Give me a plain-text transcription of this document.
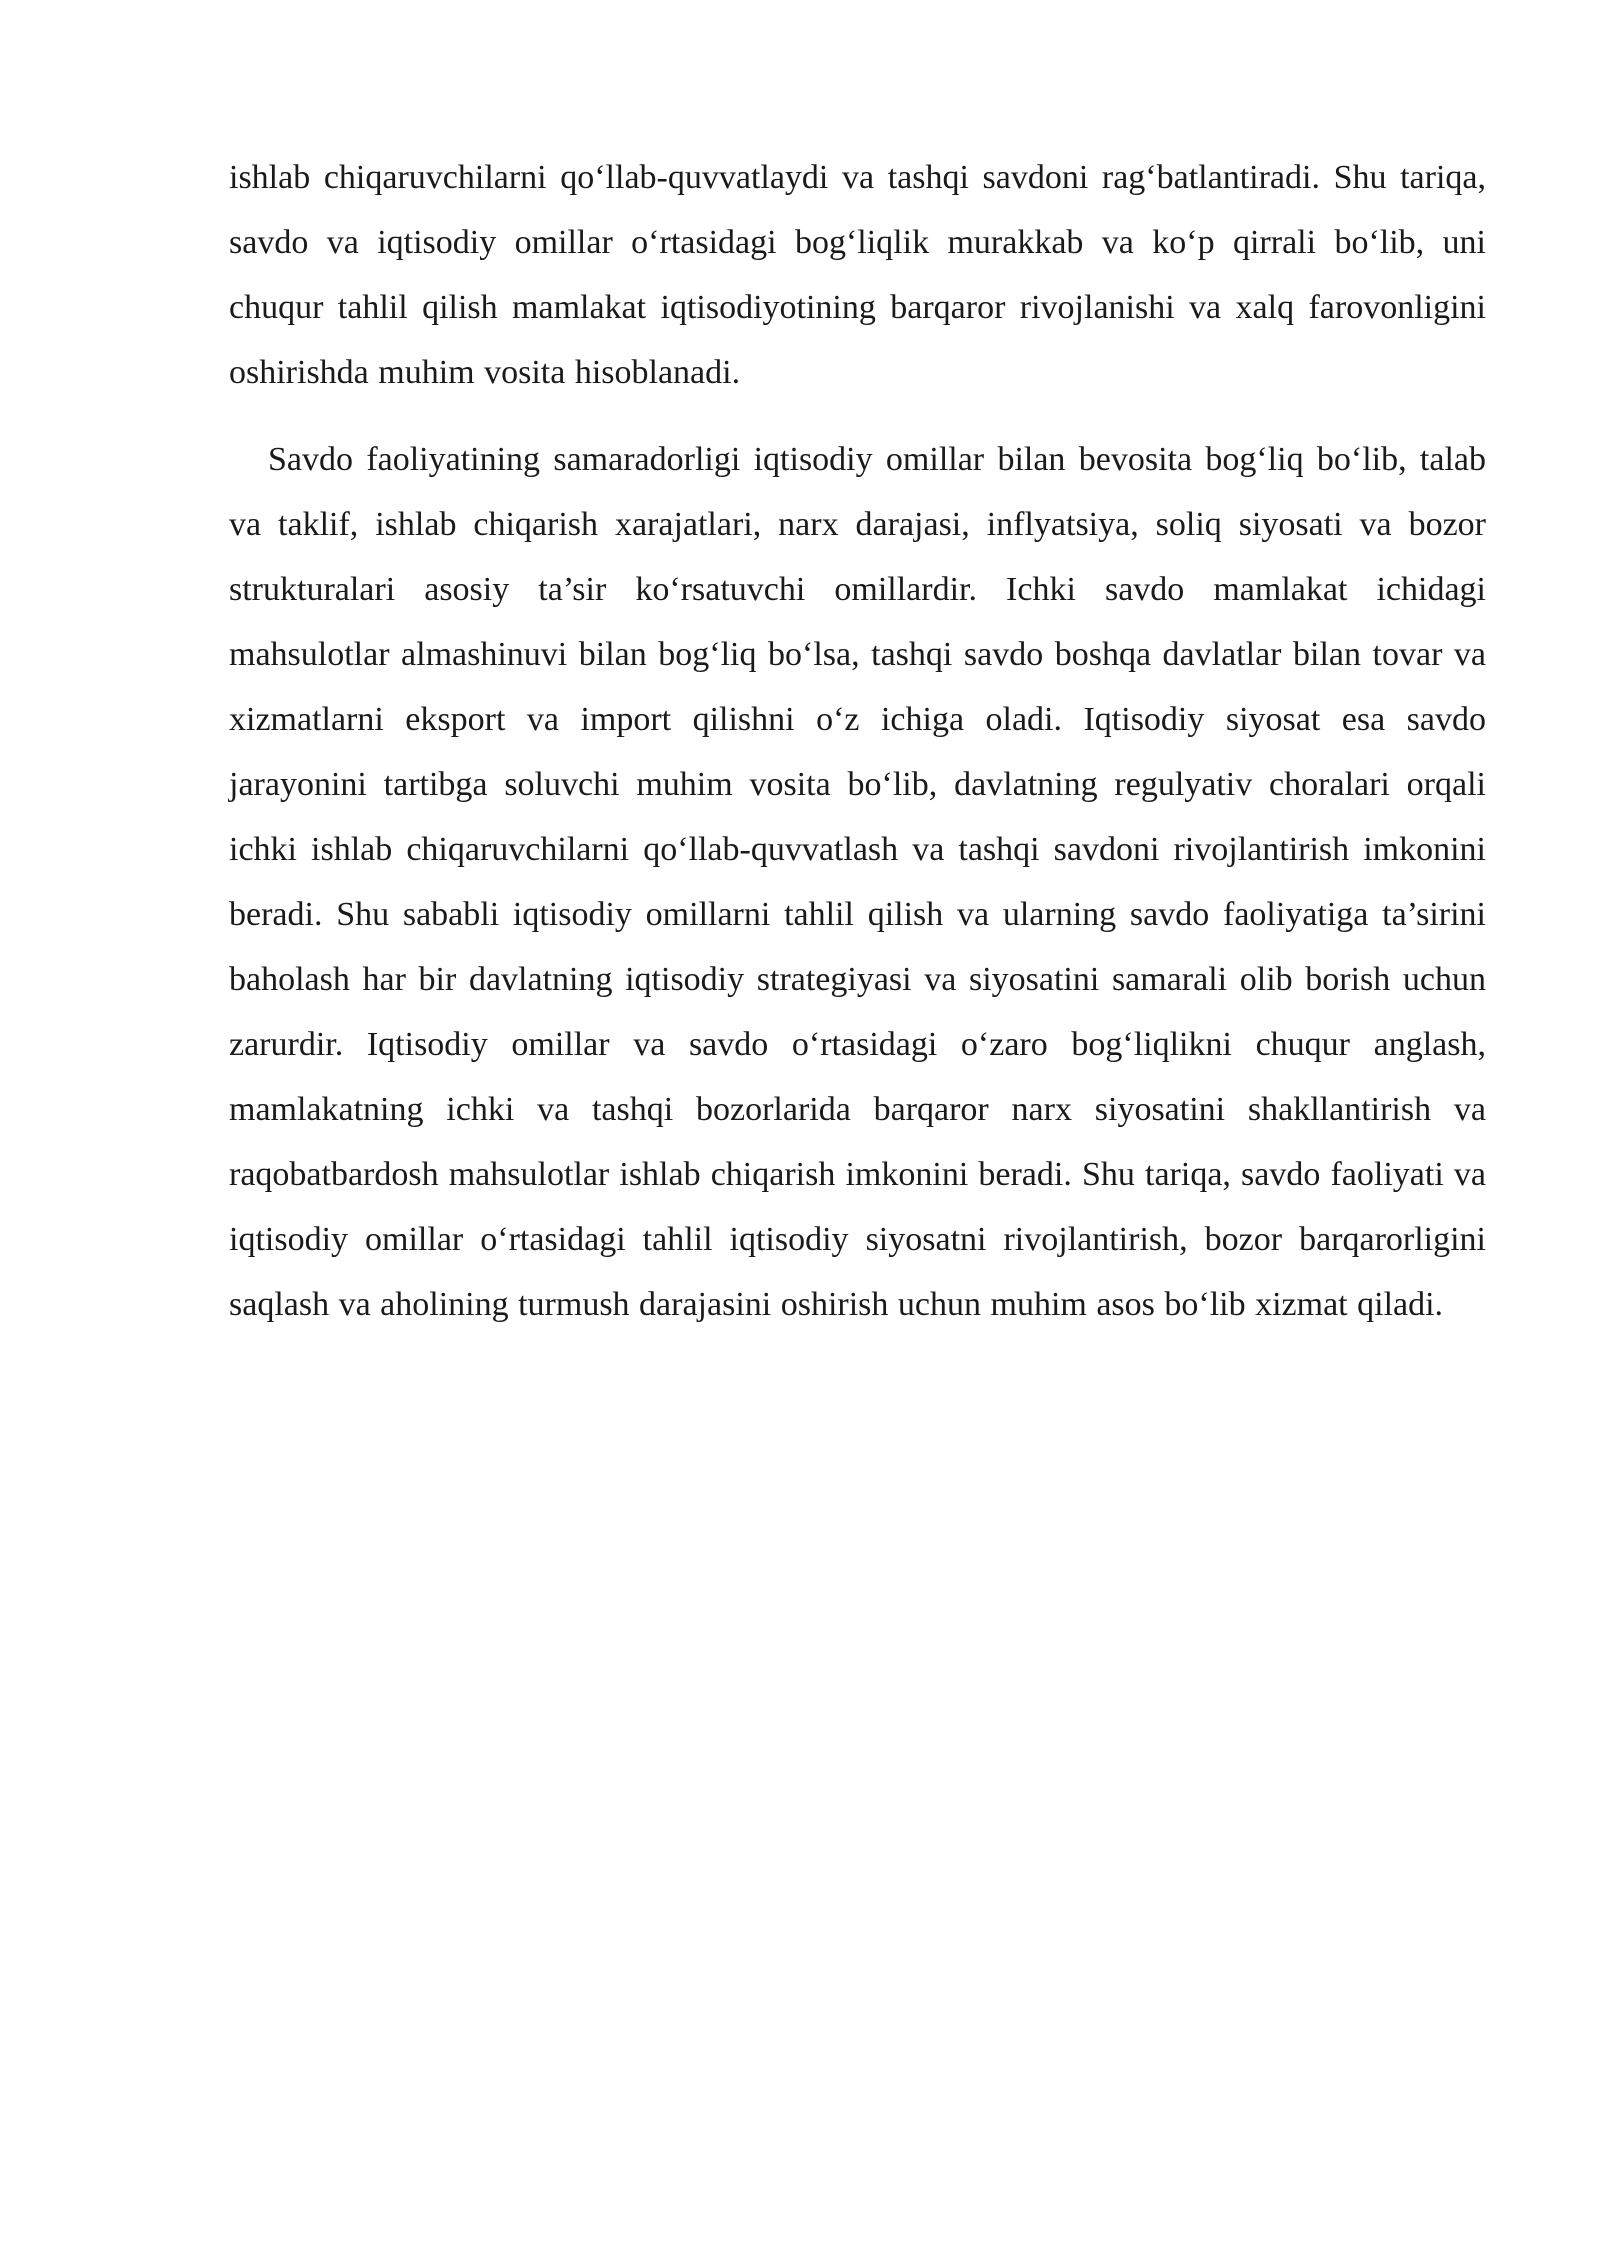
ishlab chiqaruvchilarni qo‘llab-quvvatlaydi va tashqi savdoni rag‘batlantiradi. Shu tariqa, savdo va iqtisodiy omillar o‘rtasidagi bog‘liqlik murakkab va ko‘p qirrali bo‘lib, uni chuqur tahlil qilish mamlakat iqtisodiyotining barqaror rivojlanishi va xalq farovonligini oshirishda muhim vosita hisoblanadi.

Savdo faoliyatining samaradorligi iqtisodiy omillar bilan bevosita bog‘liq bo‘lib, talab va taklif, ishlab chiqarish xarajatlari, narx darajasi, inflyatsiya, soliq siyosati va bozor strukturalari asosiy ta’sir ko‘rsatuvchi omillardir. Ichki savdo mamlakat ichidagi mahsulotlar almashinuvi bilan bog‘liq bo‘lsa, tashqi savdo boshqa davlatlar bilan tovar va xizmatlarni eksport va import qilishni o‘z ichiga oladi. Iqtisodiy siyosat esa savdo jarayonini tartibga soluvchi muhim vosita bo‘lib, davlatning regulyativ choralari orqali ichki ishlab chiqaruvchilarni qo‘llab-quvvatlash va tashqi savdoni rivojlantirish imkonini beradi. Shu sababli iqtisodiy omillarni tahlil qilish va ularning savdo faoliyatiga ta’sirini baholash har bir davlatning iqtisodiy strategiyasi va siyosatini samarali olib borish uchun zarurdir. Iqtisodiy omillar va savdo o‘rtasidagi o‘zaro bog‘liqlikni chuqur anglash, mamlakatning ichki va tashqi bozorlarida barqaror narx siyosatini shakllantirish va raqobatbardosh mahsulotlar ishlab chiqarish imkonini beradi. Shu tariqa, savdo faoliyati va iqtisodiy omillar o‘rtasidagi tahlil iqtisodiy siyosatni rivojlantirish, bozor barqarorligini saqlash va aholining turmush darajasini oshirish uchun muhim asos bo‘lib xizmat qiladi.
